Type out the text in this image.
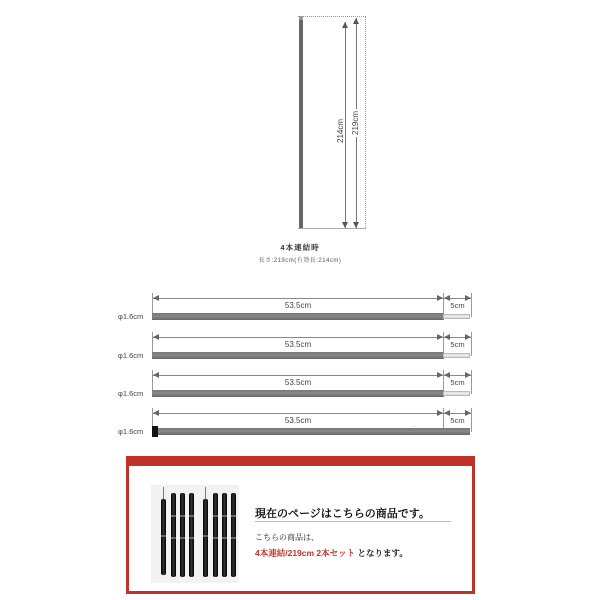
214cm 219cm
4本連結時
長さ:219cm(有効長:214cm)
53.5cm	5cm
φ1.6cm
53.5cm	5cm
φ1.6cm
53.5cm	5cm
φ1.6cm
53.5cm	5cm
φ1.6cm	⁀
現在のページはこちらの商品です。
こちらの商品は、
4本連結/219cm 2本セット となります。
